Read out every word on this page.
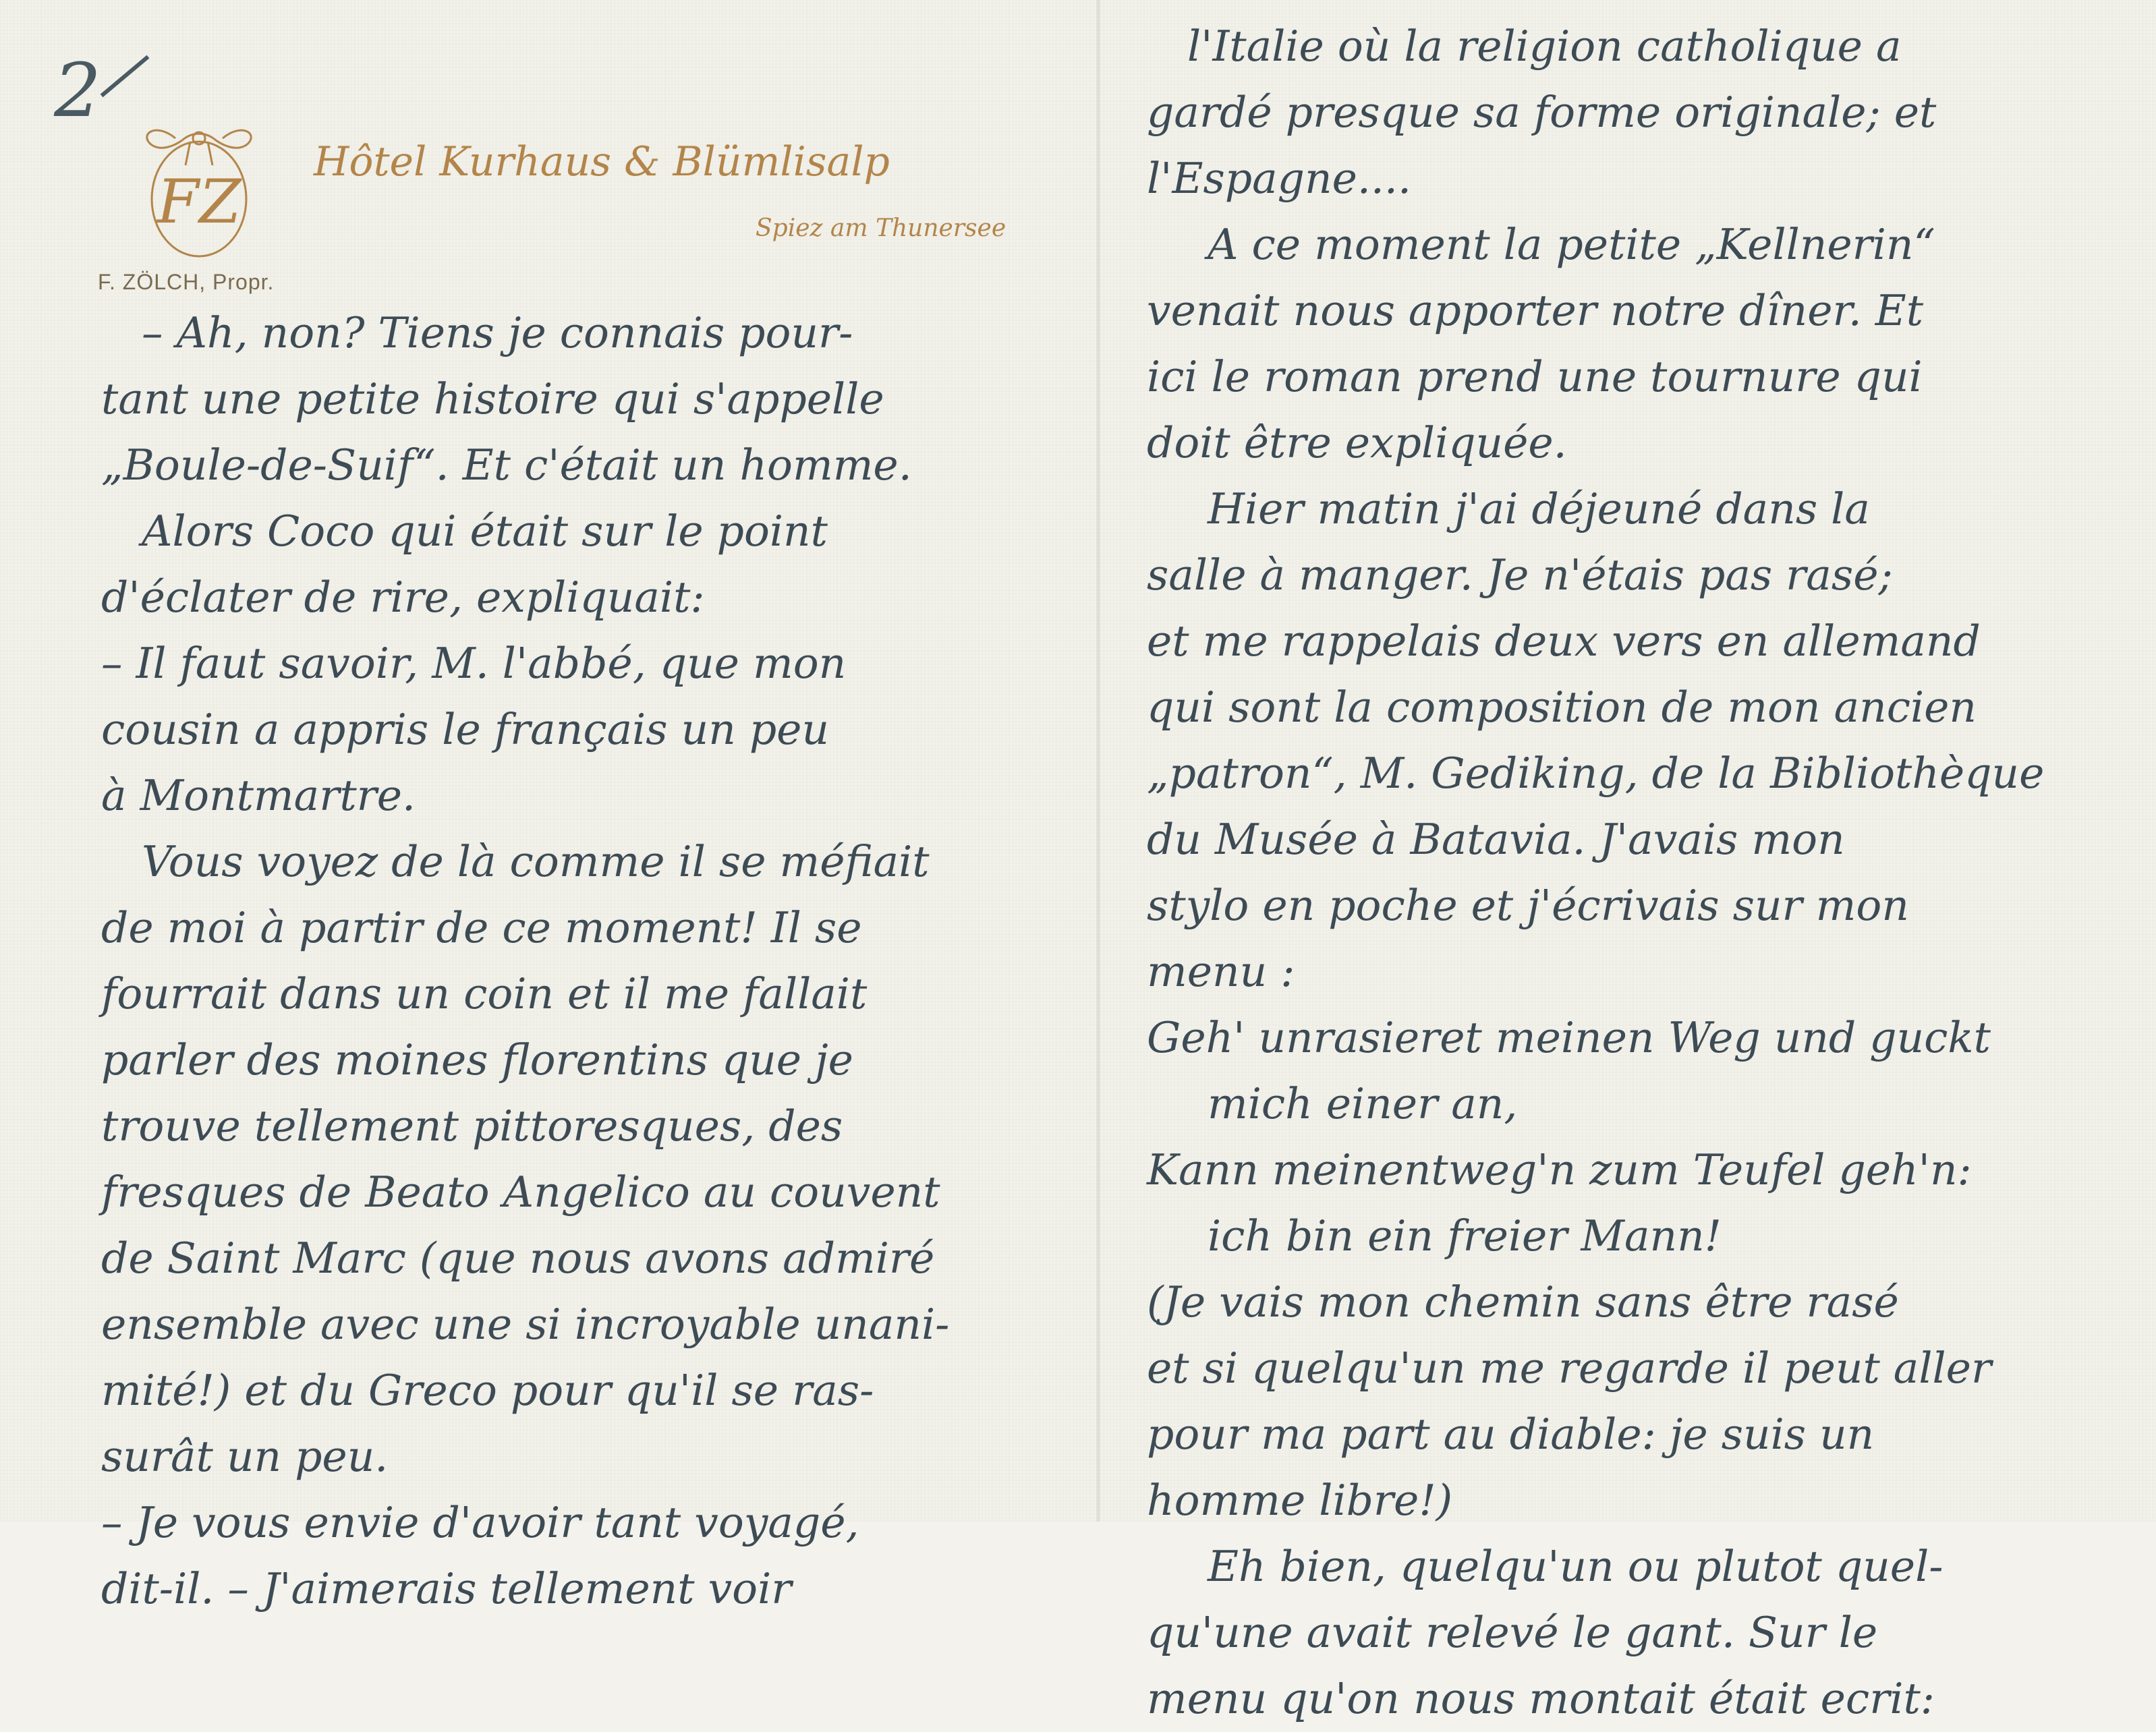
2
FZ
Hôtel Kurhaus & Blümlisalp
Spiez am Thunersee
F. ZÖLCH, Propr.
– Ah, non? Tiens je connais pour-
tant une petite histoire qui s'appelle
„Boule-de-Suif“. Et c'était un homme.
Alors Coco qui était sur le point
d'éclater de rire, expliquait:
– Il faut savoir, M. l'abbé, que mon
cousin a appris le français un peu
à Montmartre.
Vous voyez de là comme il se méfiait
de moi à partir de ce moment! Il se
fourrait dans un coin et il me fallait
parler des moines florentins que je
trouve tellement pittoresques, des
fresques de Beato Angelico au couvent
de Saint Marc (que nous avons admiré
ensemble avec une si incroyable unani-
mité!) et du Greco pour qu'il se ras-
surât un peu.
– Je vous envie d'avoir tant voyagé,
dit-il. – J'aimerais tellement voir
l'Italie où la religion catholique a
gardé presque sa forme originale; et
l'Espagne....
A ce moment la petite „Kellnerin“
venait nous apporter notre dîner. Et
ici le roman prend une tournure qui
doit être expliquée.
Hier matin j'ai déjeuné dans la
salle à manger. Je n'étais pas rasé;
et me rappelais deux vers en allemand
qui sont la composition de mon ancien
„patron“, M. Gediking, de la Bibliothèque
du Musée à Batavia. J'avais mon
stylo en poche et j'écrivais sur mon
menu :
Geh' unrasieret meinen Weg und guckt
mich einer an,
Kann meinentweg'n zum Teufel geh'n:
ich bin ein freier Mann!
(Je vais mon chemin sans être rasé
et si quelqu'un me regarde il peut aller
pour ma part au diable: je suis un
homme libre!)
Eh bien, quelqu'un ou plutot quel-
qu'une avait relevé le gant. Sur le
menu qu'on nous montait était ecrit:
